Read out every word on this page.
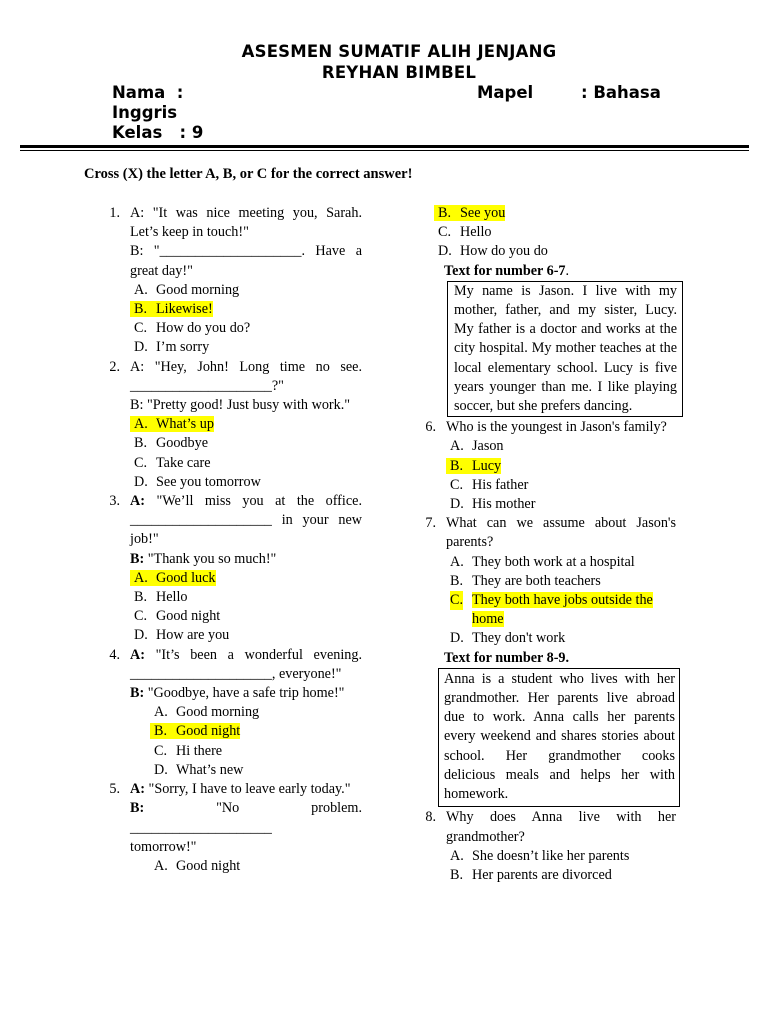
ASESMEN SUMATIF ALIH JENJANG
REYHAN BIMBEL
Nama  :	Mapel	: Bahasa
Inggris
Kelas   : 9
Cross (X) the letter A, B, or C for the correct answer!
1. A: "It was nice meeting you, Sarah. Let’s keep in touch!"
B: "____________________. Have a great day!"
A. Good morning
B. Likewise!
C. How do you do?
D. I’m sorry
2. A: "Hey, John! Long time no see. ____________________?"
B: "Pretty good! Just busy with work."
A. What’s up
B. Goodbye
C. Take care
D. See you tomorrow
3. A: "We’ll miss you at the office. ____________________ in your new job!"
B: "Thank you so much!"
A. Good luck
B. Hello
C. Good night
D. How are you
4. A: "It’s been a wonderful evening. ____________________, everyone!"
B: "Goodbye, have a safe trip home!"
A. Good morning
B. Good night
C. Hi there
D. What’s new
5. A: "Sorry, I have to leave early today."
B:	"No problem.
____________________
tomorrow!"
A. Good night
B. See you
C. Hello
D. How do you do
Text for number 6-7.
My name is Jason. I live with my mother, father, and my sister, Lucy. My father is a doctor and works at the city hospital. My mother teaches at the local elementary school. Lucy is five years younger than me. I like playing soccer, but she prefers dancing.
6. Who is the youngest in Jason's family?
A. Jason
B. Lucy
C. His father
D. His mother
7. What can we assume about Jason's parents?
A. They both work at a hospital
B. They are both teachers
C. They both have jobs outside the home
D. They don't work
Text for number 8-9.
Anna is a student who lives with her grandmother. Her parents live abroad due to work. Anna calls her parents every weekend and shares stories about school. Her grandmother cooks delicious meals and helps her with homework.
8. Why does Anna live with her grandmother?
A. She doesn’t like her parents
B. Her parents are divorced
